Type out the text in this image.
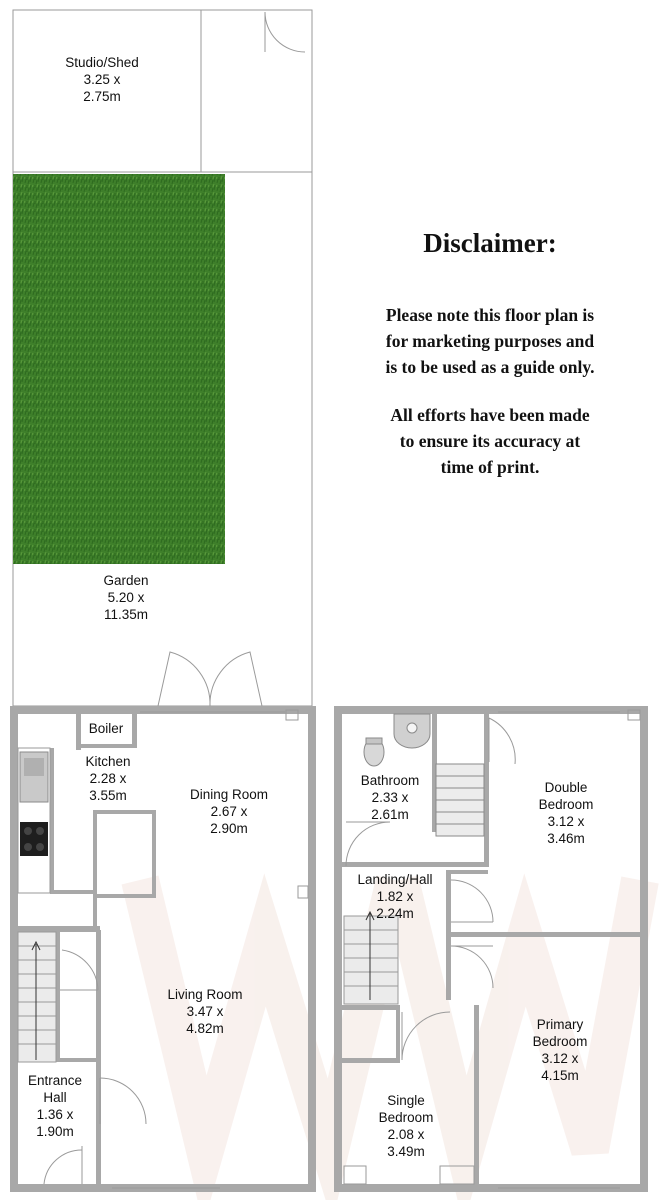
Studio/Shed
3.25 x
2.75m
Garden
5.20 x
11.35m
Disclaimer:
Please note this floor plan is
for marketing purposes and
is to be used as a guide only.
All efforts have been made
to ensure its accuracy at
time of print.
Boiler
Kitchen
2.28 x
3.55m	Dining Room
2.67 x
2.90m
Living Room
3.47 x
4.82m
Entrance
Hall
1.36 x
1.90m
Bathroom
2.33 x
2.61m
Double
Bedroom
3.12 x
3.46m
Landing/Hall
1.82 x
2.24m
Primary
Bedroom
3.12 x
4.15m
Single
Bedroom
2.08 x
3.49m
